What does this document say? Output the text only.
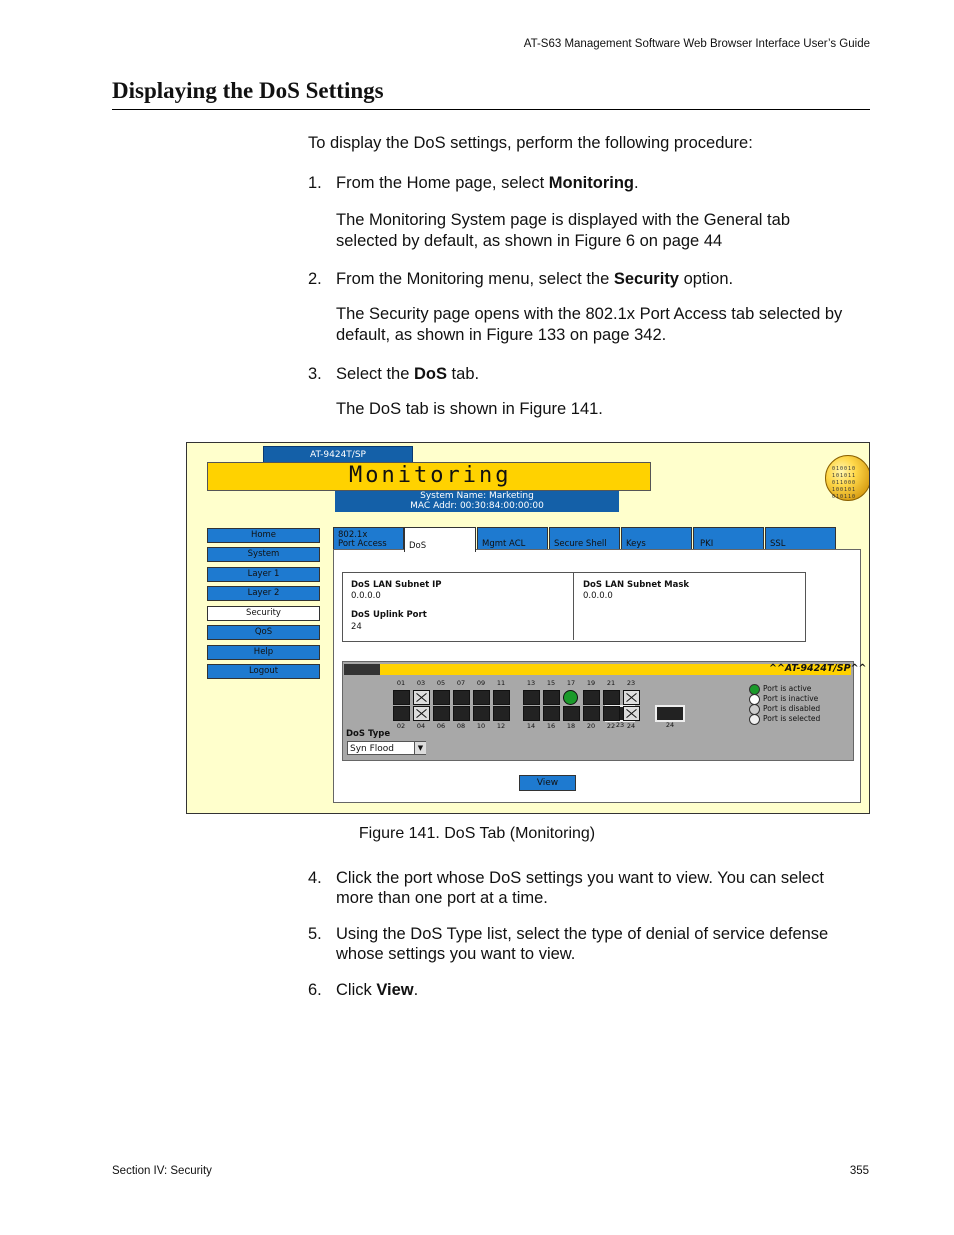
AT-S63 Management Software Web Browser Interface User’s Guide
Displaying the DoS Settings
To display the DoS settings, perform the following procedure:
1. From the Home page, select Monitoring.
The Monitoring System page is displayed with the General tab selected by default, as shown in Figure 6 on page 44
2. From the Monitoring menu, select the Security option.
The Security page opens with the 802.1x Port Access tab selected by default, as shown in Figure 133 on page 342.
3. Select the DoS tab.
The DoS tab is shown in Figure 141.
AT-9424T/SP
Monitoring
System Name: Marketing
MAC Addr: 00:30:84:00:00:00
010010 101011 011000 100101 010110
Home
System
Layer 1
Layer 2
Security
QoS
Help
Logout
802.1x
Port Access	DoS	Mgmt ACL	Secure Shell Keys	PKI	SSL
DoS LAN Subnet IP
0.0.0.0
DoS Uplink Port
24
DoS LAN Subnet Mask
0.0.0.0
^^AT-9424T/SP^^
23	24
Port is active
Port is inactive
Port is disabled
Port is selected
DoS Type
Syn Flood	▼
View
01
02
03
04
05
06
07
08
09
10
11
12
13
14
15
16
17
18
19
20
21
22
23
24
Figure 141. DoS Tab (Monitoring)
4. Click the port whose DoS settings you want to view. You can select more than one port at a time.
5. Using the DoS Type list, select the type of denial of service defense whose settings you want to view.
6. Click View.
Section IV: Security	355
